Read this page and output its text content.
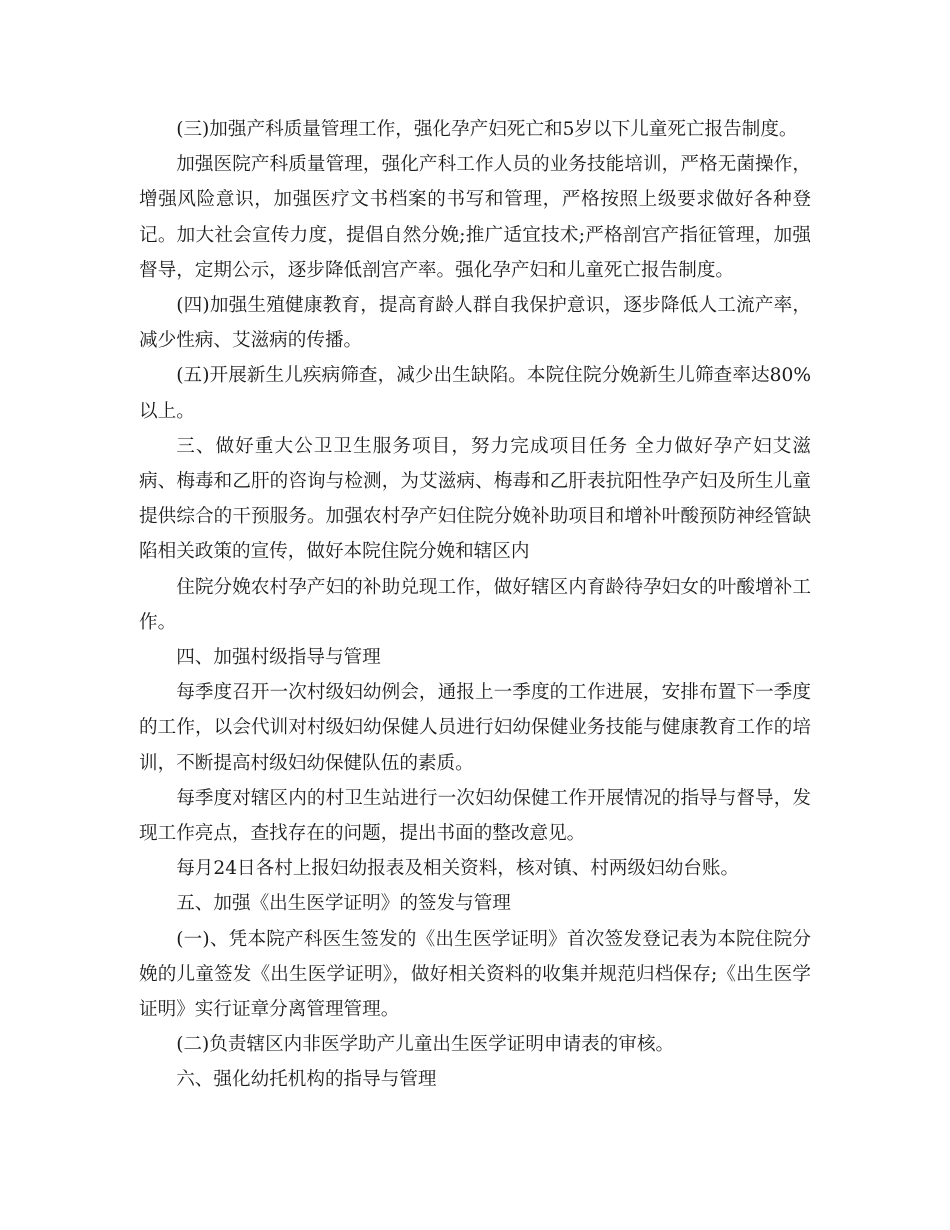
(三)加强产科质量管理工作，强化孕产妇死亡和5岁以下儿童死亡报告制度。

加强医院产科质量管理，强化产科工作人员的业务技能培训，严格无菌操作，增强风险意识，加强医疗文书档案的书写和管理，严格按照上级要求做好各种登记。加大社会宣传力度，提倡自然分娩;推广适宜技术;严格剖宫产指征管理，加强督导，定期公示，逐步降低剖宫产率。强化孕产妇和儿童死亡报告制度。

(四)加强生殖健康教育，提高育龄人群自我保护意识，逐步降低人工流产率，减少性病、艾滋病的传播。

(五)开展新生儿疾病筛查，减少出生缺陷。本院住院分娩新生儿筛查率达80%以上。

三、做好重大公卫卫生服务项目，努力完成项目任务 全力做好孕产妇艾滋病、梅毒和乙肝的咨询与检测，为艾滋病、梅毒和乙肝表抗阳性孕产妇及所生儿童提供综合的干预服务。加强农村孕产妇住院分娩补助项目和增补叶酸预防神经管缺陷相关政策的宣传，做好本院住院分娩和辖区内

住院分娩农村孕产妇的补助兑现工作，做好辖区内育龄待孕妇女的叶酸增补工作。

四、加强村级指导与管理

每季度召开一次村级妇幼例会，通报上一季度的工作进展，安排布置下一季度的工作，以会代训对村级妇幼保健人员进行妇幼保健业务技能与健康教育工作的培训，不断提高村级妇幼保健队伍的素质。

每季度对辖区内的村卫生站进行一次妇幼保健工作开展情况的指导与督导，发现工作亮点，查找存在的问题，提出书面的整改意见。

每月24日各村上报妇幼报表及相关资料，核对镇、村两级妇幼台账。

五、加强《出生医学证明》的签发与管理

(一)、凭本院产科医生签发的《出生医学证明》首次签发登记表为本院住院分娩的儿童签发《出生医学证明》，做好相关资料的收集并规范归档保存;《出生医学证明》实行证章分离管理管理。

(二)负责辖区内非医学助产儿童出生医学证明申请表的审核。

六、强化幼托机构的指导与管理
